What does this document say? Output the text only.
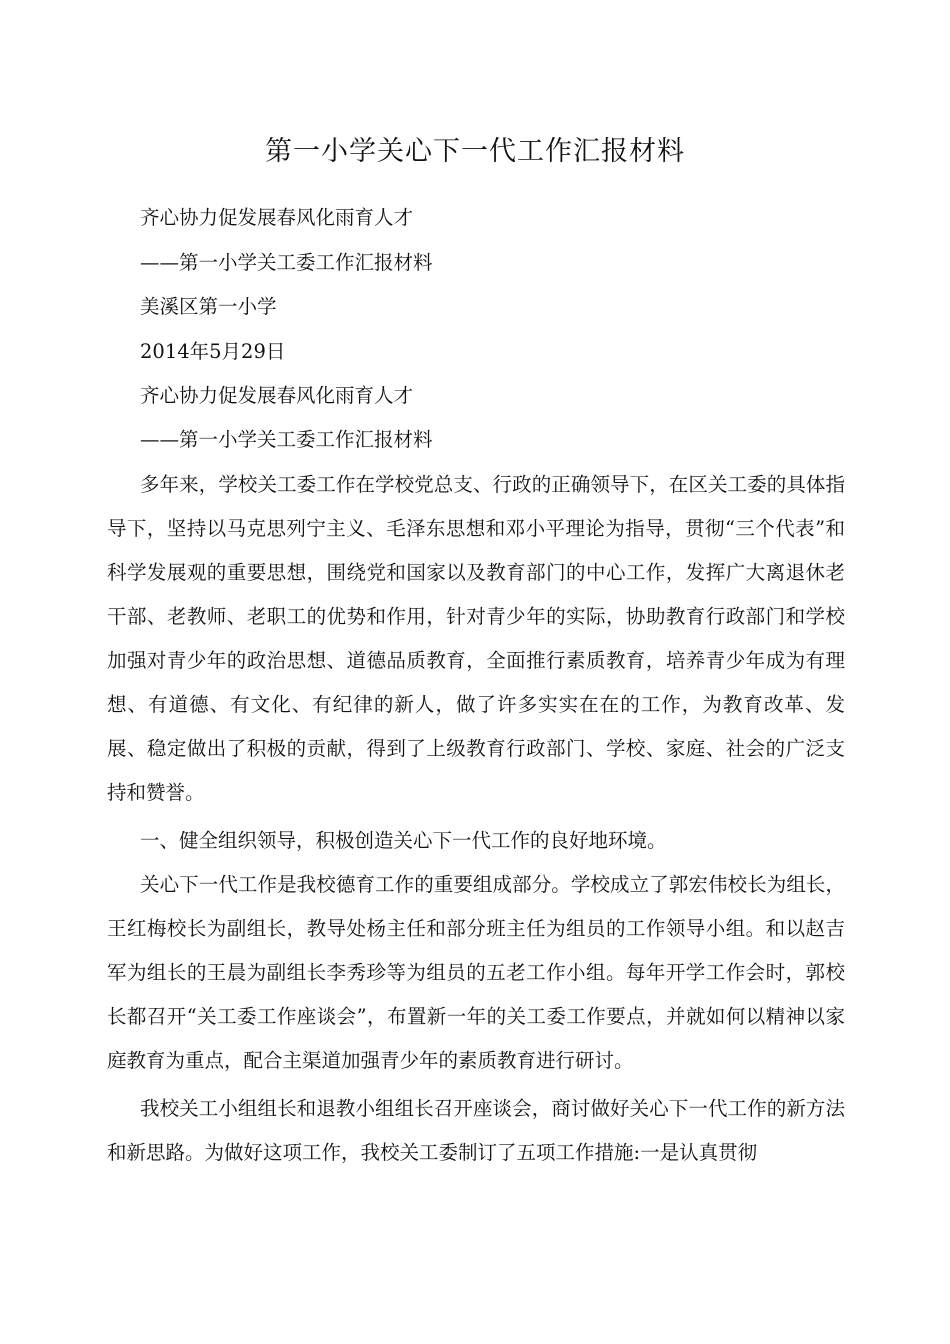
第一小学关心下一代工作汇报材料
齐心协力促发展春风化雨育人才
——第一小学关工委工作汇报材料
美溪区第一小学
2014年5月29日
齐心协力促发展春风化雨育人才
——第一小学关工委工作汇报材料

多年来，学校关工委工作在学校党总支、行政的正确领导下，在区关工委的具体指导下，坚持以马克思列宁主义、毛泽东思想和邓小平理论为指导，贯彻“三个代表”和科学发展观的重要思想，围绕党和国家以及教育部门的中心工作，发挥广大离退休老干部、老教师、老职工的优势和作用，针对青少年的实际，协助教育行政部门和学校加强对青少年的政治思想、道德品质教育，全面推行素质教育，培养青少年成为有理想、有道德、有文化、有纪律的新人，做了许多实实在在的工作，为教育改革、发展、稳定做出了积极的贡献，得到了上级教育行政部门、学校、家庭、社会的广泛支持和赞誉。

一、健全组织领导，积极创造关心下一代工作的良好地环境。

关心下一代工作是我校德育工作的重要组成部分。学校成立了郭宏伟校长为组长，王红梅校长为副组长，教导处杨主任和部分班主任为组员的工作领导小组。和以赵吉军为组长的王晨为副组长李秀珍等为组员的五老工作小组。每年开学工作会时，郭校长都召开“关工委工作座谈会”，布置新一年的关工委工作要点，并就如何以精神以家庭教育为重点，配合主渠道加强青少年的素质教育进行研讨。

我校关工小组组长和退教小组组长召开座谈会，商讨做好关心下一代工作的新方法和新思路。为做好这项工作，我校关工委制订了五项工作措施:一是认真贯彻
